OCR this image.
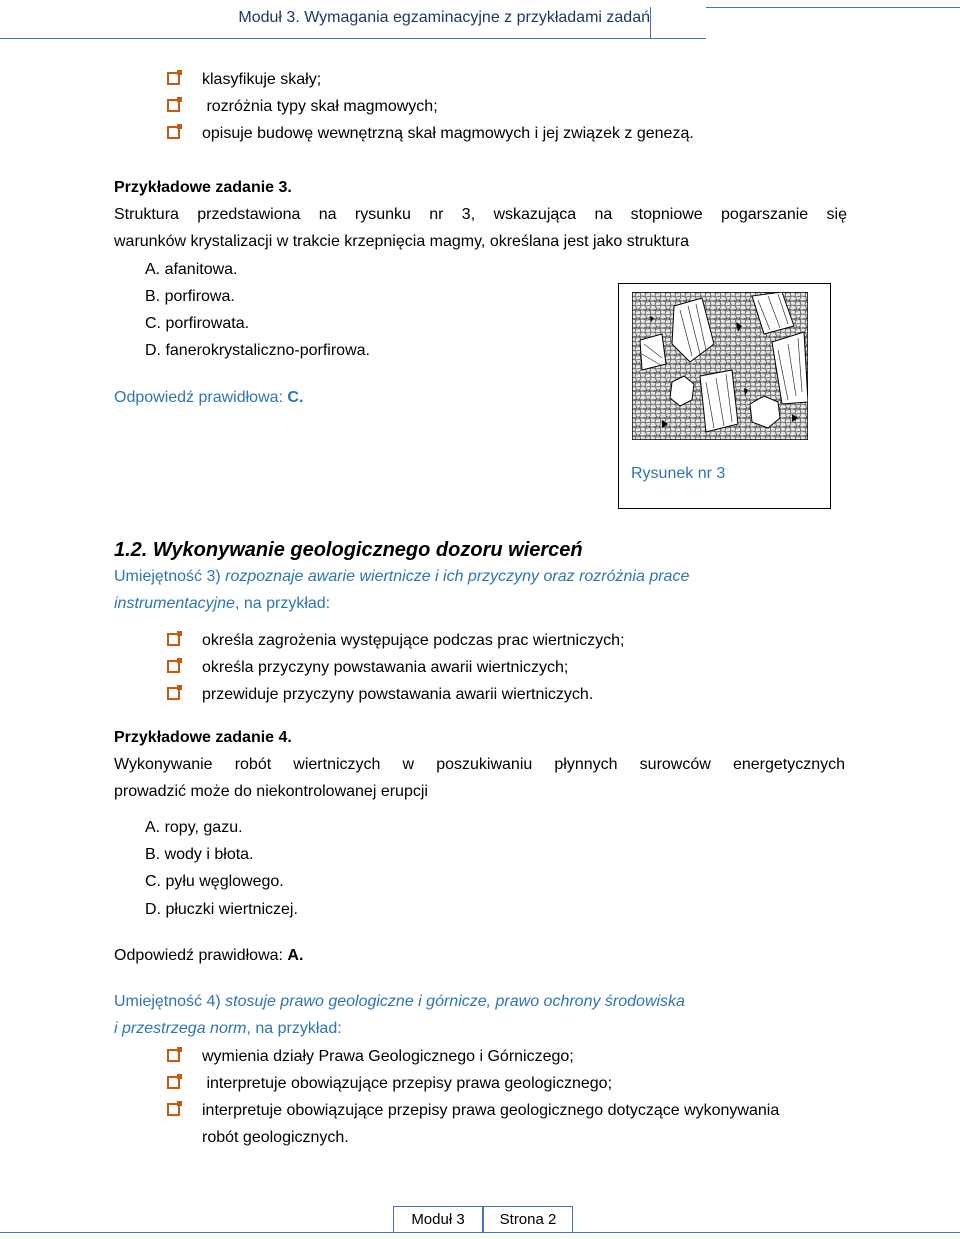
Moduł 3. Wymagania egzaminacyjne z przykładami zadań
klasyfikuje skały;
rozróżnia typy skał magmowych;
opisuje budowę wewnętrzną skał magmowych i jej związek z genezą.
Przykładowe zadanie 3.
Struktura przedstawiona na rysunku nr 3, wskazująca na stopniowe pogarszanie się
warunków krystalizacji w trakcie krzepnięcia magmy, określana jest jako struktura
A. afanitowa.
B. porfirowa.
C. porfirowata.
D. fanerokrystaliczno-porfirowa.
Odpowiedź prawidłowa: C.
Rysunek nr 3
1.2. Wykonywanie geologicznego dozoru wierceń
Umiejętność 3) rozpoznaje awarie wiertnicze i ich przyczyny oraz rozróżnia prace
instrumentacyjne, na przykład:
określa zagrożenia występujące podczas prac wiertniczych;
określa przyczyny powstawania awarii wiertniczych;
przewiduje przyczyny powstawania awarii wiertniczych.
Przykładowe zadanie 4.
Wykonywanie robót wiertniczych w poszukiwaniu płynnych surowców energetycznych
prowadzić może do niekontrolowanej erupcji
A. ropy, gazu.
B. wody i błota.
C. pyłu węglowego.
D. płuczki wiertniczej.
Odpowiedź prawidłowa: A.
Umiejętność 4) stosuje prawo geologiczne i górnicze, prawo ochrony środowiska
i przestrzega norm, na przykład:
wymienia działy Prawa Geologicznego i Górniczego;
interpretuje obowiązujące przepisy prawa geologicznego;
interpretuje obowiązujące przepisy prawa geologicznego dotyczące wykonywania
robót geologicznych.
Moduł 3	Strona 2
